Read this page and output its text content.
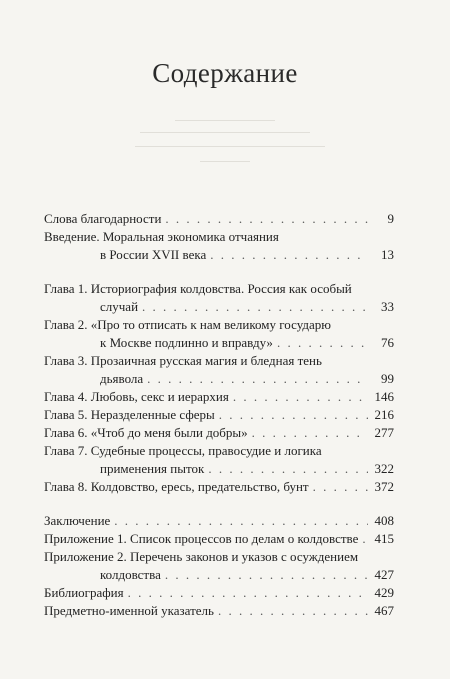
Содержание
Слова благодарности . . .	9
Введение. Моральная экономика отчаяния
в России XVII века . . .	13
Глава 1. Историография колдовства. Россия как особый
случай . . .	33
Глава 2. «Про то отписать к нам великому государю
к Москве подлинно и вправду» . . .	76
Глава 3. Прозаичная русская магия и бледная тень
дьявола . . .	99
Глава 4. Любовь, секс и иерархия . . .	146
Глава 5. Неразделенные сферы . . .	216
Глава 6. «Чтоб до меня были добры» . . .	277
Глава 7. Судебные процессы, правосудие и логика
применения пыток . . .	322
Глава 8. Колдовство, ересь, предательство, бунт . . .	372
Заключение . . .	408
Приложение 1. Список процессов по делам о колдовстве . . . 415
Приложение 2. Перечень законов и указов с осуждением
колдовства . . .	427
Библиография . . .	429
Предметно-именной указатель . . .	467
